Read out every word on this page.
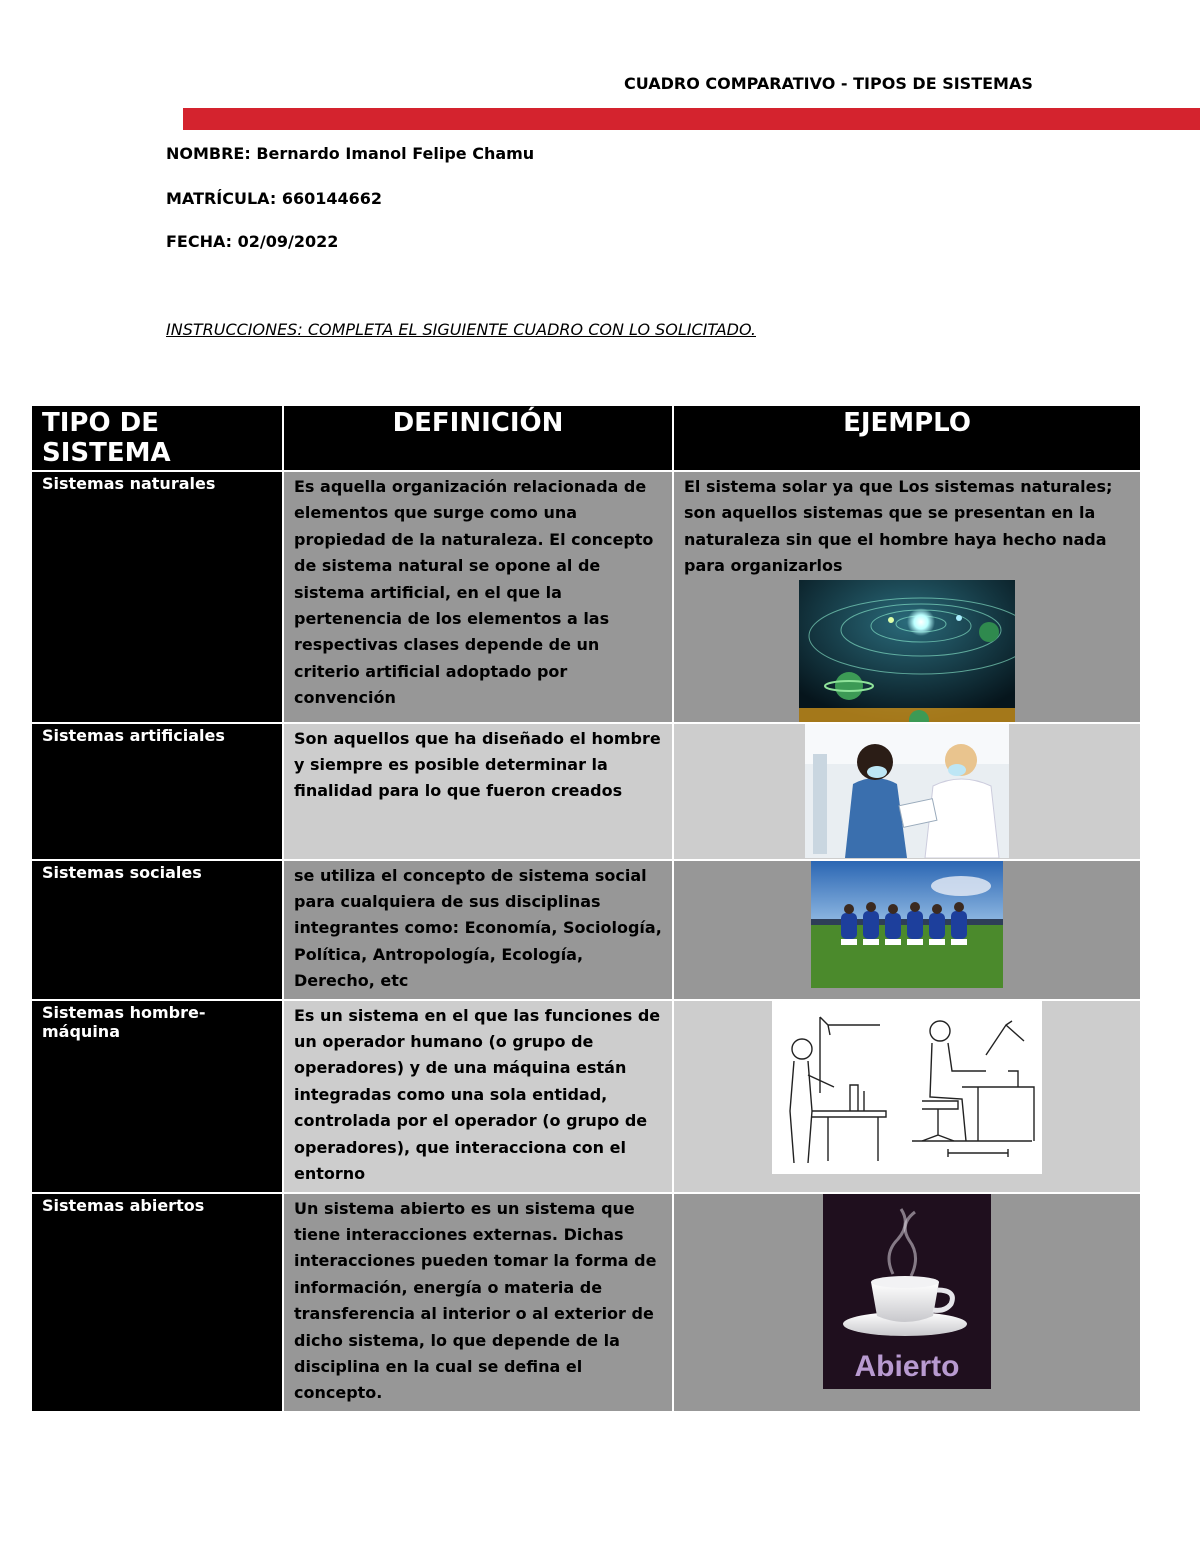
CUADRO COMPARATIVO - TIPOS DE SISTEMAS
NOMBRE: Bernardo Imanol Felipe Chamu
MATRÍCULA: 660144662
FECHA: 02/09/2022
INSTRUCCIONES: COMPLETA EL SIGUIENTE CUADRO CON LO SOLICITADO.
TIPO DE SISTEMA	DEFINICIÓN	EJEMPLO
Sistemas naturales	Es aquella organización relacionada de elementos que surge como una propiedad de la naturaleza. El concepto de sistema natural se opone al de sistema artificial, en el que la pertenencia de los elementos a las respectivas clases depende de un criterio artificial adoptado por convención	El sistema solar ya que Los sistemas naturales; son aquellos sistemas que se presentan en la naturaleza sin que el hombre haya hecho nada para organizarlos

Sistemas artificiales	Son aquellos que ha diseñado el hombre y siempre es posible determinar la finalidad para lo que fueron creados	

Sistemas sociales	se utiliza el concepto de sistema social para cualquiera de sus disciplinas integrantes como: Economía, Sociología, Política, Antropología, Ecología, Derecho, etc	

Sistemas hombre-máquina	Es un sistema en el que las funciones de un operador humano (o grupo de operadores) y de una máquina están integradas como una sola entidad, controlada por el operador (o grupo de operadores), que interacciona con el entorno	

Sistemas abiertos	Un sistema abierto es un sistema que tiene interacciones externas. Dichas interacciones pueden tomar la forma de información, energía o materia de transferencia al interior o al exterior de dicho sistema, lo que depende de la disciplina en la cual se defina el concepto.	Abierto
